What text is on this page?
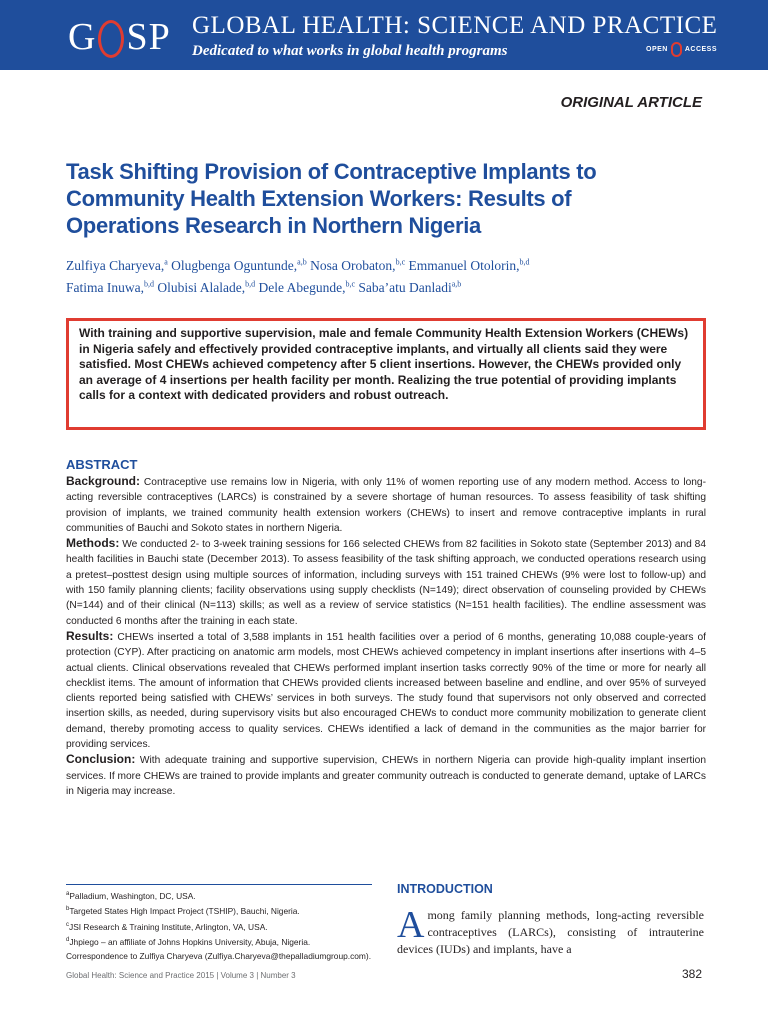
G SP GLOBAL HEALTH: SCIENCE AND PRACTICE
Dedicated to what works in global health programs	OPEN ACCESS
ORIGINAL ARTICLE
Task Shifting Provision of Contraceptive Implants to Community Health Extension Workers: Results of Operations Research in Northern Nigeria
Zulfiya Charyeva,$^a$ Olugbenga Oguntunde,$^{a,b}$ Nosa Orobaton,$^{b,c}$ Emmanuel Otolorin,$^{b,d}$
Fatima Inuwa,$^{b,d}$ Olubisi Alalade,$^{b,d}$ Dele Abegunde,$^{b,c}$ Saba’atu Danladi$^{a,b}$

With training and supportive supervision, male and female Community Health Extension Workers (CHEWs) in Nigeria safely and effectively provided contraceptive implants, and virtually all clients said they were satisfied. Most CHEWs achieved competency after 5 client insertions. However, the CHEWs provided only an average of 4 insertions per health facility per month. Realizing the true potential of providing implants calls for a context with dedicated providers and robust outreach.

ABSTRACT

Background: Contraceptive use remains low in Nigeria, with only 11% of women reporting use of any modern method. Access to long-acting reversible contraceptives (LARCs) is constrained by a severe shortage of human resources. To assess feasibility of task shifting provision of implants, we trained community health extension workers (CHEWs) to insert and remove contraceptive implants in rural communities of Bauchi and Sokoto states in northern Nigeria.

Methods: We conducted 2- to 3-week training sessions for 166 selected CHEWs from 82 facilities in Sokoto state (September 2013) and 84 health facilities in Bauchi state (December 2013). To assess feasibility of the task shifting approach, we conducted operations research using a pretest–posttest design using multiple sources of information, including surveys with 151 trained CHEWs (9% were lost to follow-up) and with 150 family planning clients; facility observations using supply checklists (N=149); direct observation of counseling provided by CHEWs (N=144) and of their clinical (N=113) skills; as well as a review of service statistics (N=151 health facilities). The endline assessment was conducted 6 months after the training in each state.

Results: CHEWs inserted a total of 3,588 implants in 151 health facilities over a period of 6 months, generating 10,088 couple-years of protection (CYP). After practicing on anatomic arm models, most CHEWs achieved competency in implant insertions after insertions with 4–5 actual clients. Clinical observations revealed that CHEWs performed implant insertion tasks correctly 90% of the time or more for nearly all checklist items. The amount of information that CHEWs provided clients increased between baseline and endline, and over 95% of surveyed clients reported being satisfied with CHEWs’ services in both surveys. The study found that supervisors not only observed and corrected insertion skills, as needed, during supervisory visits but also encouraged CHEWs to conduct more community mobilization to generate client demand, thereby promoting access to quality services. CHEWs identified a lack of demand in the communities as the major barrier for providing services.

Conclusion: With adequate training and supportive supervision, CHEWs in northern Nigeria can provide high-quality implant insertion services. If more CHEWs are trained to provide implants and greater community outreach is conducted to generate demand, uptake of LARCs in Nigeria may increase.

$^a$Palladium, Washington, DC, USA.
$^b$Targeted States High Impact Project (TSHIP), Bauchi, Nigeria.
$^c$JSI Research & Training Institute, Arlington, VA, USA.
$^d$Jhpiego – an affiliate of Johns Hopkins University, Abuja, Nigeria.
Correspondence to Zulfiya Charyeva (Zulfiya.Charyeva@thepalladiumgroup.com).
INTRODUCTION
Among family planning methods, long-acting reversible contraceptives (LARCs), consisting of intrauterine devices (IUDs) and implants, have a
Global Health: Science and Practice 2015 | Volume 3 | Number 3	382
